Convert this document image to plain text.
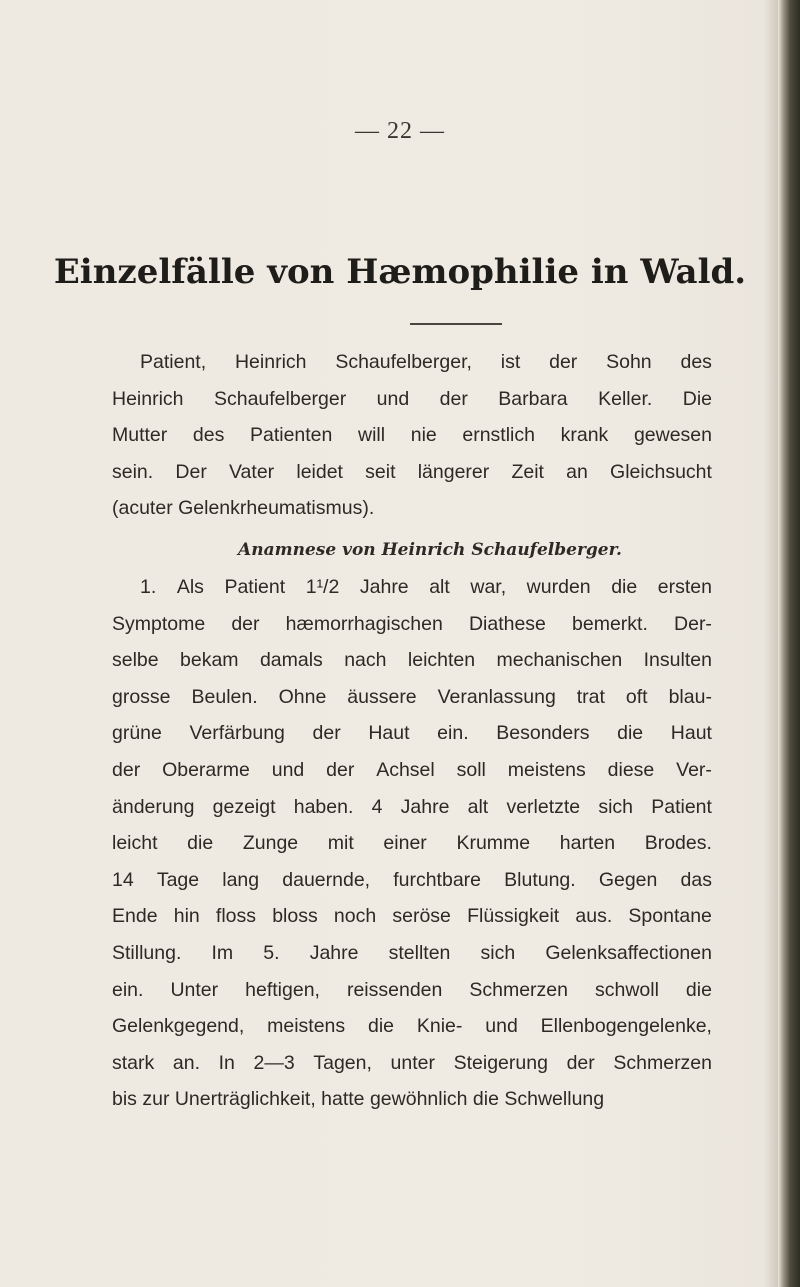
— 22 —
Einzelfälle von Hæmophilie in Wald.
Patient, Heinrich Schaufelberger, ist der Sohn des
Heinrich Schaufelberger und der Barbara Keller. Die
Mutter des Patienten will nie ernstlich krank gewesen
sein. Der Vater leidet seit längerer Zeit an Gleichsucht
(acuter Gelenkrheumatismus).
Anamnese von Heinrich Schaufelberger.
1. Als Patient 1¹/2 Jahre alt war, wurden die ersten
Symptome der hæmorrhagischen Diathese bemerkt. Der-
selbe bekam damals nach leichten mechanischen Insulten
grosse Beulen. Ohne äussere Veranlassung trat oft blau-
grüne Verfärbung der Haut ein. Besonders die Haut
der Oberarme und der Achsel soll meistens diese Ver-
änderung gezeigt haben. 4 Jahre alt verletzte sich Patient
leicht die Zunge mit einer Krumme harten Brodes.
14 Tage lang dauernde, furchtbare Blutung. Gegen das
Ende hin floss bloss noch seröse Flüssigkeit aus. Spontane
Stillung. Im 5. Jahre stellten sich Gelenksaffectionen
ein. Unter heftigen, reissenden Schmerzen schwoll die
Gelenkgegend, meistens die Knie- und Ellenbogengelenke,
stark an. In 2—3 Tagen, unter Steigerung der Schmerzen
bis zur Unerträglichkeit, hatte gewöhnlich die Schwellung
